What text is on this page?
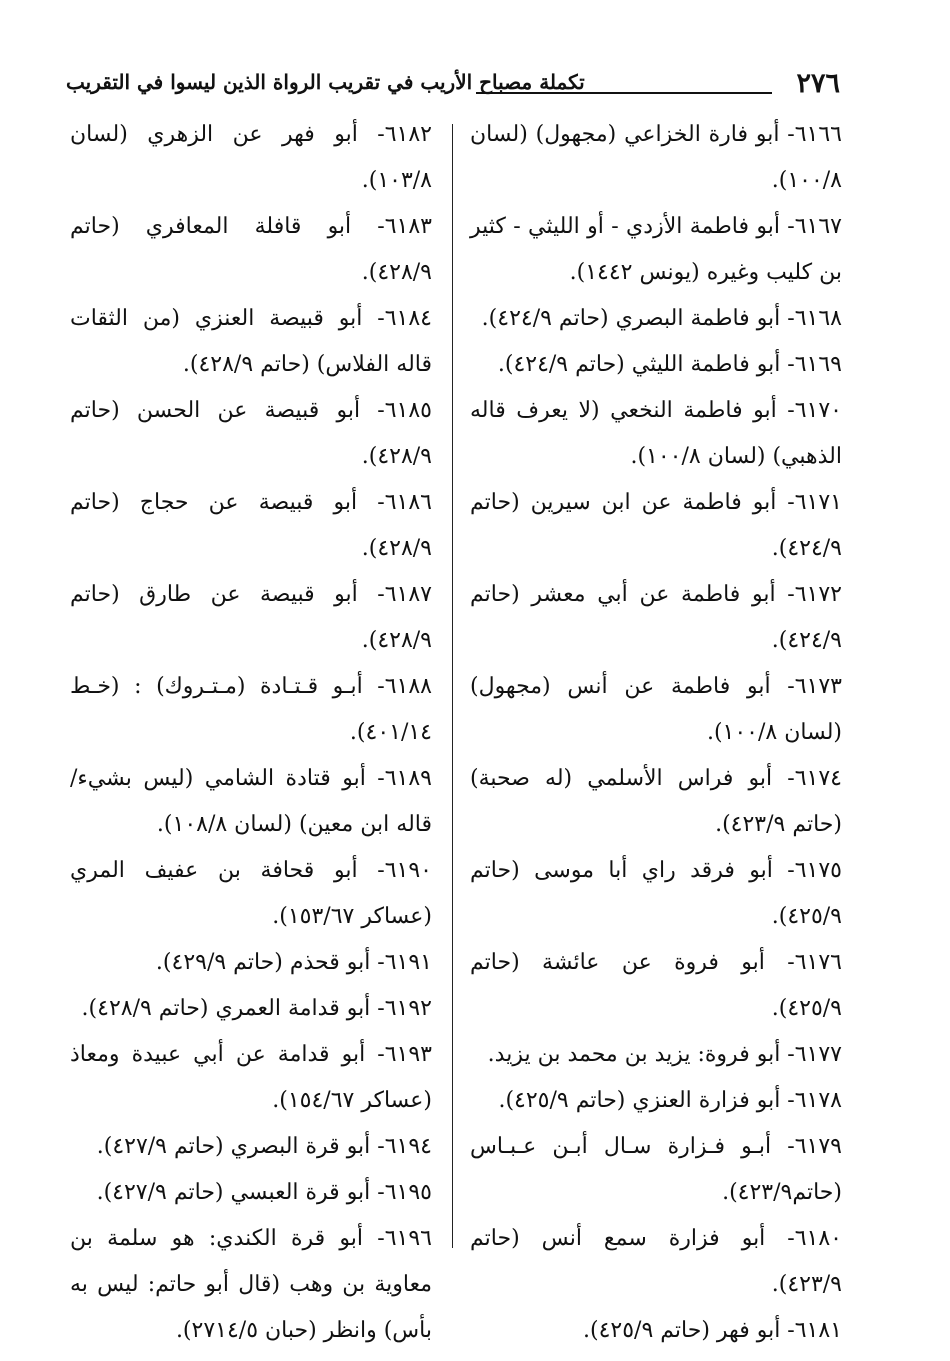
٢٧٦
تكملة مصباح الأريب في تقريب الرواة الذين ليسوا في التقريب

٦١٦٦- أبو فارة الخزاعي (مجهول) (لسان ١٠٠/٨).

٦١٦٧- أبو فاطمة الأزدي - أو الليثي - كثير بن كليب وغيره (يونس ١٤٤٢).

٦١٦٨- أبو فاطمة البصري (حاتم ٤٢٤/٩).

٦١٦٩- أبو فاطمة الليثي (حاتم ٤٢٤/٩).

٦١٧٠- أبو فاطمة النخعي (لا يعرف قاله الذهبي) (لسان ١٠٠/٨).

٦١٧١- أبو فاطمة عن ابن سيرين (حاتم ٤٢٤/٩).

٦١٧٢- أبو فاطمة عن أبي معشر (حاتم ٤٢٤/٩).

٦١٧٣- أبو فاطمة عن أنس (مجهول) (لسان ١٠٠/٨).

٦١٧٤- أبو فراس الأسلمي (له صحبة) (حاتم ٤٢٣/٩).

٦١٧٥- أبو فرقد راي أبا موسى (حاتم ٤٢٥/٩).

٦١٧٦- أبو فروة عن عائشة (حاتم ٤٢٥/٩).

٦١٧٧- أبو فروة: يزيد بن محمد بن يزيد.

٦١٧٨- أبو فزارة العنزي (حاتم ٤٢٥/٩).

٦١٧٩- أبـو فـزارة سـال أبـن عـبـاس (حاتم٤٢٣/٩).

٦١٨٠- أبو فزارة سمع أنس (حاتم ٤٢٣/٩).

٦١٨١- أبو فهر (حاتم ٤٢٥/٩).

٦١٨٢- أبو فهر عن الزهري (لسان ١٠٣/٨).

٦١٨٣- أبو قافلة المعافري (حاتم ٤٢٨/٩).

٦١٨٤- أبو قبيصة العنزي (من الثقات قاله الفلاس) (حاتم ٤٢٨/٩).

٦١٨٥- أبو قبيصة عن الحسن (حاتم ٤٢٨/٩).

٦١٨٦- أبو قبيصة عن حجاج (حاتم ٤٢٨/٩).

٦١٨٧- أبو قبيصة عن طارق (حاتم ٤٢٨/٩).

٦١٨٨- أبـو قـتـادة (مـتـروك) : (خـط ٤٠١/١٤).

٦١٨٩- أبو قتادة الشامي (ليس بشيء/قاله ابن معين) (لسان ١٠٨/٨).

٦١٩٠- أبو قحافة بن عفيف المري (عساكر ١٥٣/٦٧).

٦١٩١- أبو قحذم (حاتم ٤٢٩/٩).

٦١٩٢- أبو قدامة العمري (حاتم ٤٢٨/٩).

٦١٩٣- أبو قدامة عن أبي عبيدة ومعاذ (عساكر ١٥٤/٦٧).

٦١٩٤- أبو قرة البصري (حاتم ٤٢٧/٩).

٦١٩٥- أبو قرة العبسي (حاتم ٤٢٧/٩).

٦١٩٦- أبو قرة الكندي: هو سلمة بن معاوية بن وهب (قال أبو حاتم: ليس به بأس) وانظر (حبان ٢٧١٤/٥).
